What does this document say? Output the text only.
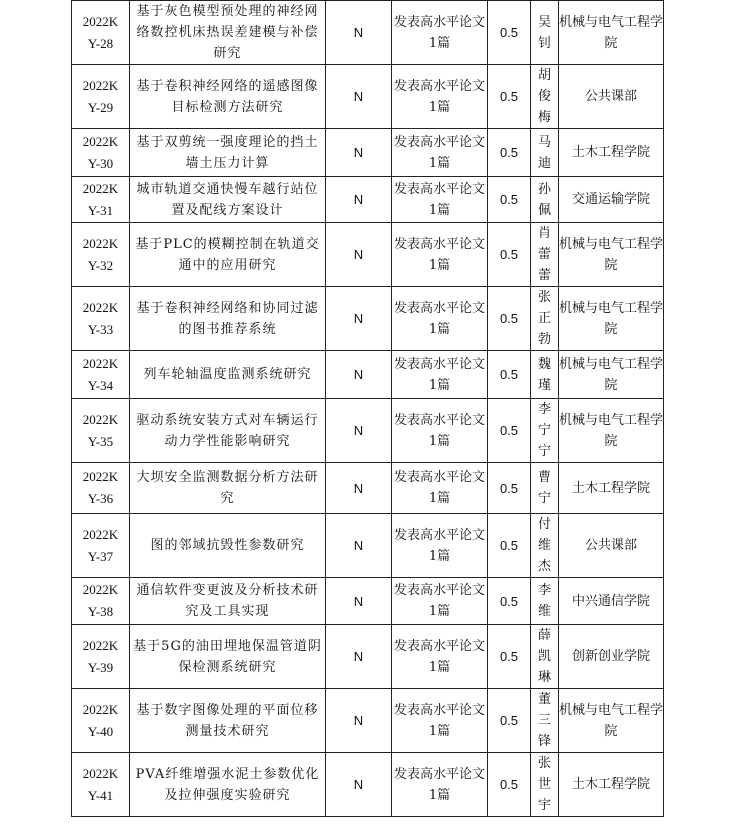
2022K
Y-28	基于灰色模型预处理的神经网络数控机床热误差建模与补偿研究	N	发表高水平论文1篇	0.5	吴钊	机械与电气工程学院

2022K
Y-29	基于卷积神经网络的遥感图像目标检测方法研究	N	发表高水平论文1篇	0.5	胡俊梅	公共课部

2022K
Y-30	基于双剪统一强度理论的挡土墙土压力计算	N	发表高水平论文1篇	0.5	马迪	土木工程学院

2022K
Y-31	城市轨道交通快慢车越行站位置及配线方案设计	N	发表高水平论文1篇	0.5	孙佩	交通运输学院

2022K
Y-32	基于PLC的模糊控制在轨道交通中的应用研究	N	发表高水平论文1篇	0.5	肖蕾蕾	机械与电气工程学院

2022K
Y-33	基于卷积神经网络和协同过滤的图书推荐系统	N	发表高水平论文1篇	0.5	张正勃	机械与电气工程学院

2022K
Y-34	列车轮轴温度监测系统研究	N	发表高水平论文1篇	0.5	魏瑾	机械与电气工程学院

2022K
Y-35	驱动系统安装方式对车辆运行动力学性能影响研究	N	发表高水平论文1篇	0.5	李宁宁	机械与电气工程学院

2022K
Y-36	大坝安全监测数据分析方法研究	N	发表高水平论文1篇	0.5	曹宁	土木工程学院

2022K
Y-37	图的邻域抗毁性参数研究	N	发表高水平论文1篇	0.5	付维杰	公共课部

2022K
Y-38	通信软件变更波及分析技术研究及工具实现	N	发表高水平论文1篇	0.5	李维	中兴通信学院

2022K
Y-39	基于5G的油田埋地保温管道阴保检测系统研究	N	发表高水平论文1篇	0.5	薛凯琳	创新创业学院

2022K
Y-40	基于数字图像处理的平面位移测量技术研究	N	发表高水平论文1篇	0.5	董三锋	机械与电气工程学院

2022K
Y-41	PVA纤维增强水泥土参数优化及拉伸强度实验研究	N	发表高水平论文1篇	0.5	张世宇	土木工程学院
